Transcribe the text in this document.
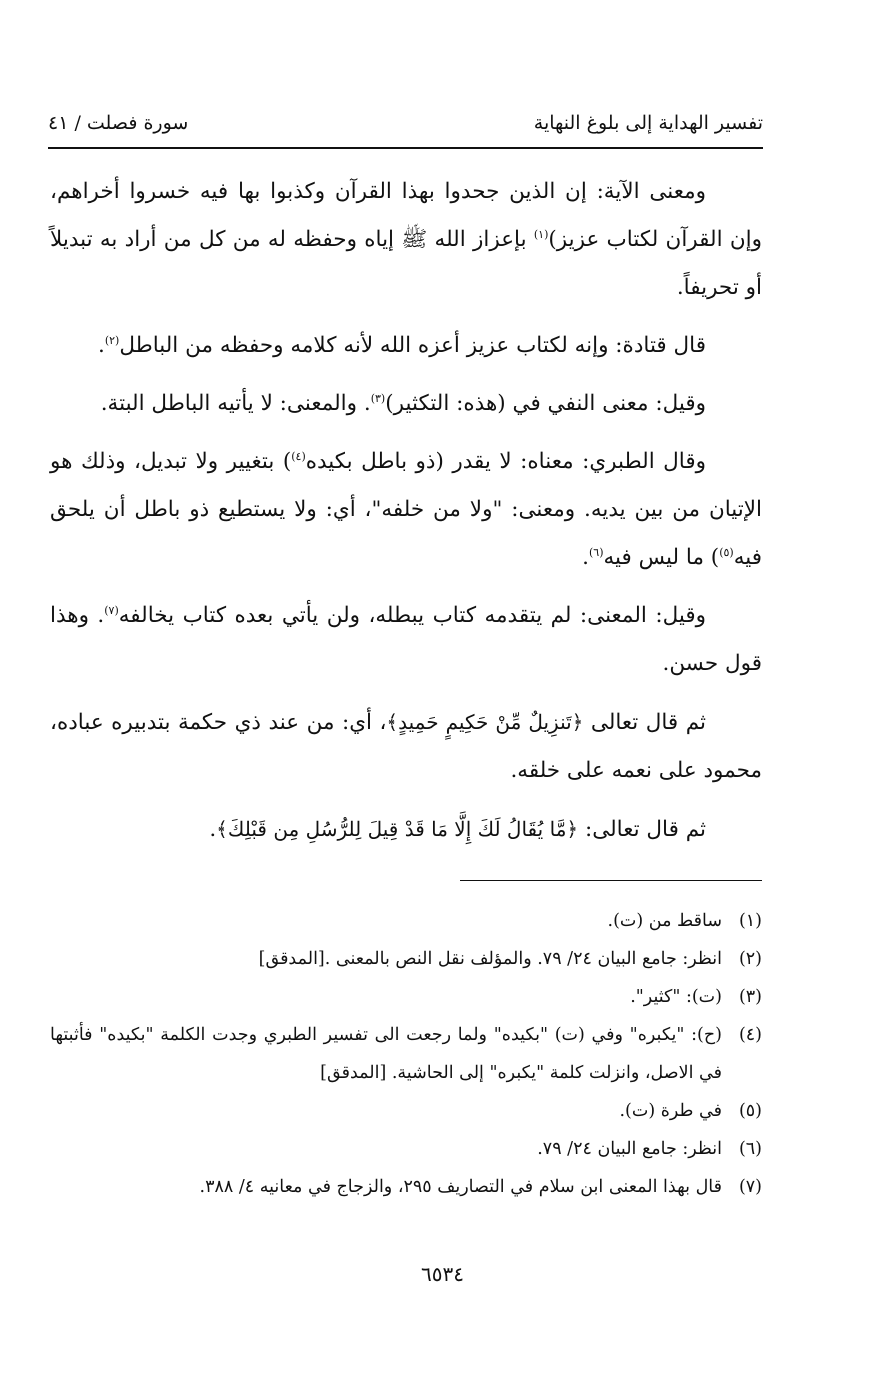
تفسير الهداية إلى بلوغ النهاية
سورة فصلت / ٤١

ومعنى الآية: إن الذين جحدوا بهذا القرآن وكذبوا بها فيه خسروا أخراهم، وإن القرآن لكتاب عزيز)$^{(١)}$ بإعزاز الله ﷺ إياه وحفظه له من كل من أراد به تبديلاً أو تحريفاً.

قال قتادة: وإنه لكتاب عزيز أعزه الله لأنه كلامه وحفظه من الباطل$^{(٢)}$.

وقيل: معنى النفي في (هذه: التكثير)$^{(٣)}$. والمعنى: لا يأتيه الباطل البتة.

وقال الطبري: معناه: لا يقدر (ذو باطل بكيده$^{(٤)}$) بتغيير ولا تبديل، وذلك هو الإتيان من بين يديه. ومعنى: "ولا من خلفه"، أي: ولا يستطيع ذو باطل أن يلحق فيه$^{(٥)}$) ما ليس فيه$^{(٦)}$.

وقيل: المعنى: لم يتقدمه كتاب يبطله، ولن يأتي بعده كتاب يخالفه$^{(٧)}$. وهذا قول حسن.

ثم قال تعالى ﴿تَنزِيلٌ مِّنْ حَكِيمٍ حَمِيدٍ﴾، أي: من عند ذي حكمة بتدبيره عباده، محمود على نعمه على خلقه.

ثم قال تعالى: ﴿مَّا يُقَالُ لَكَ إِلَّا مَا قَدْ قِيلَ لِلرُّسُلِ مِن قَبْلِكَ﴾.

(١)
ساقط من (ت).
(٢)
انظر: جامع البيان ٢٤/ ٧٩. والمؤلف نقل النص بالمعنى .[المدقق]
(٣)
(ت): "كثير".
(٤)
(ح): "يكبره" وفي (ت) "بكيده" ولما رجعت الى تفسير الطبري وجدت الكلمة "بكيده" فأثبتها في الاصل، وانزلت كلمة "يكبره" إلى الحاشية. [المدقق]
(٥)
في طرة (ت).
(٦)
انظر: جامع البيان ٢٤/ ٧٩.
(٧)
قال بهذا المعنى ابن سلام في التصاريف ٢٩٥، والزجاج في معانيه ٤/ ٣٨٨.
٦٥٣٤
